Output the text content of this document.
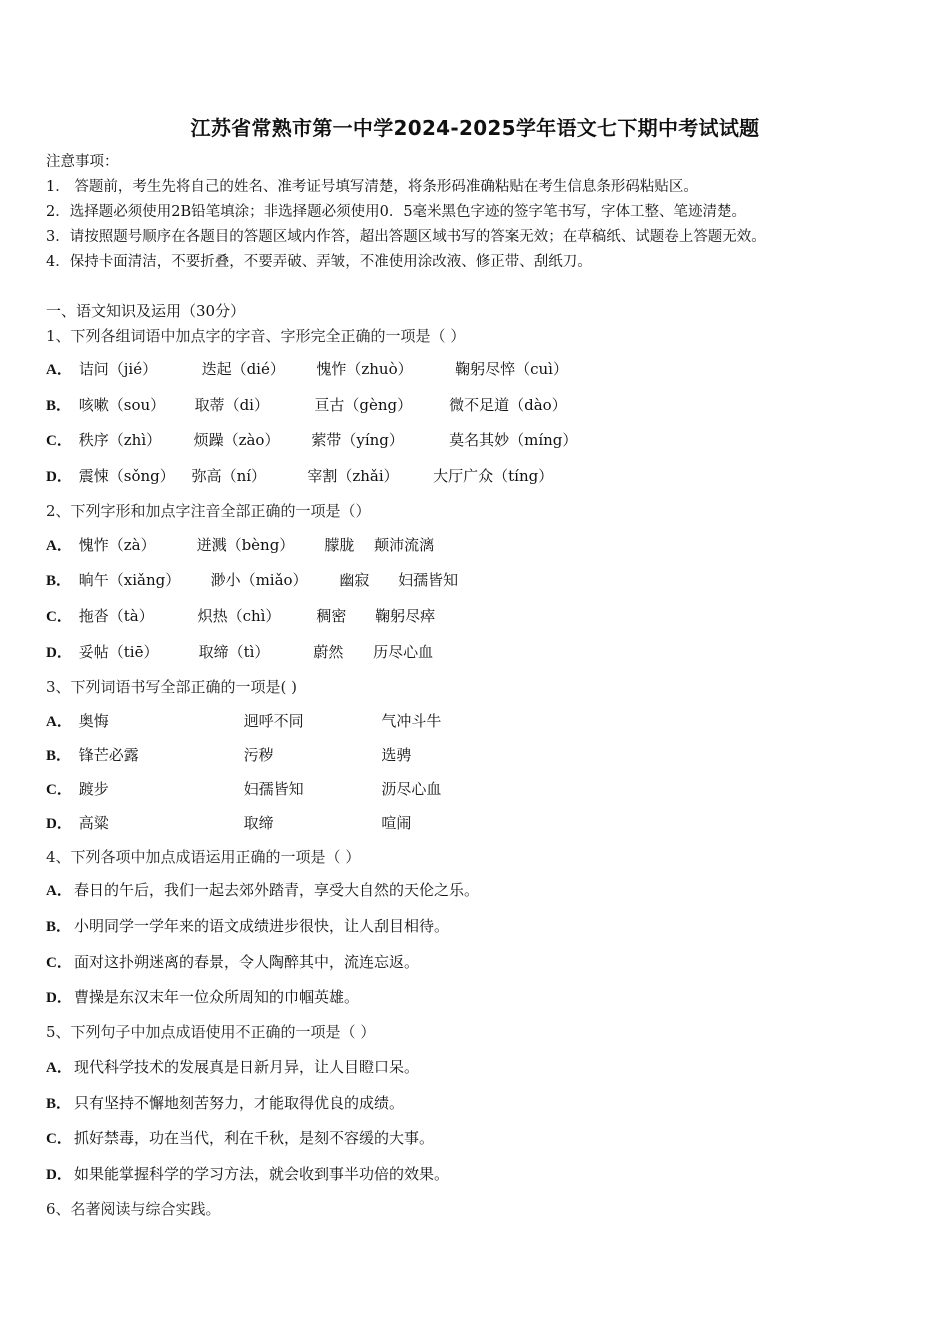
江苏省常熟市第一中学2024-2025学年语文七下期中考试试题
注意事项：
1． 答题前，考生先将自己的姓名、准考证号填写清楚，将条形码准确粘贴在考生信息条形码粘贴区。
2．选择题必须使用2B铅笔填涂；非选择题必须使用0．5毫米黑色字迹的签字笔书写，字体工整、笔迹清楚。
3．请按照题号顺序在各题目的答题区域内作答，超出答题区域书写的答案无效；在草稿纸、试题卷上答题无效。
4．保持卡面清洁，不要折叠，不要弄破、弄皱，不准使用涂改液、修正带、刮纸刀。
一、语文知识及运用（30分）
1、下列各组词语中加点字的字音、字形完全正确的一项是（ ）
A． 诘问（jié）	迭起（dié） 愧怍（zhuò）	鞠躬尽悴（cuì）
B． 咳嗽（sou） 取蒂（di）	亘古（gèng） 微不足道（dào）
C． 秩序（zhì） 烦躁（zào） 萦带（yíng）	莫名其妙（míng）
D． 震悚（sǒng） 弥高（ní）	宰割（zhǎi） 大厅广众（tíng）
2、下列字形和加点字注音全部正确的一项是（）
A． 愧怍（zà）	迸溅（bèng） 朦胧 颠沛流漓
B． 晌午（xiǎng） 渺小（miǎo） 幽寂 妇孺皆知
C． 拖沓（tà）	炽热（chì） 稠密 鞠躬尽瘁
D． 妥帖（tiē）	取缔（tì）	蔚然 历尽心血
3、下列词语书写全部正确的一项是( )
A． 奥悔	迥呼不同	气冲斗牛
B． 锋芒必露	污秽	选骋
C． 踱步	妇孺皆知	沥尽心血
D． 高粱	取缔	喧闹
4、下列各项中加点成语运用正确的一项是（ ）
A． 春日的午后，我们一起去郊外踏青，享受大自然的天伦之乐。
B． 小明同学一学年来的语文成绩进步很快，让人刮目相待。
C． 面对这扑朔迷离的春景，令人陶醉其中，流连忘返。
D． 曹操是东汉末年一位众所周知的巾帼英雄。
5、下列句子中加点成语使用不正确的一项是（ ）
A． 现代科学技术的发展真是日新月异，让人目瞪口呆。
B． 只有坚持不懈地刻苦努力，才能取得优良的成绩。
C． 抓好禁毒，功在当代，利在千秋，是刻不容缓的大事。
D． 如果能掌握科学的学习方法，就会收到事半功倍的效果。
6、名著阅读与综合实践。
